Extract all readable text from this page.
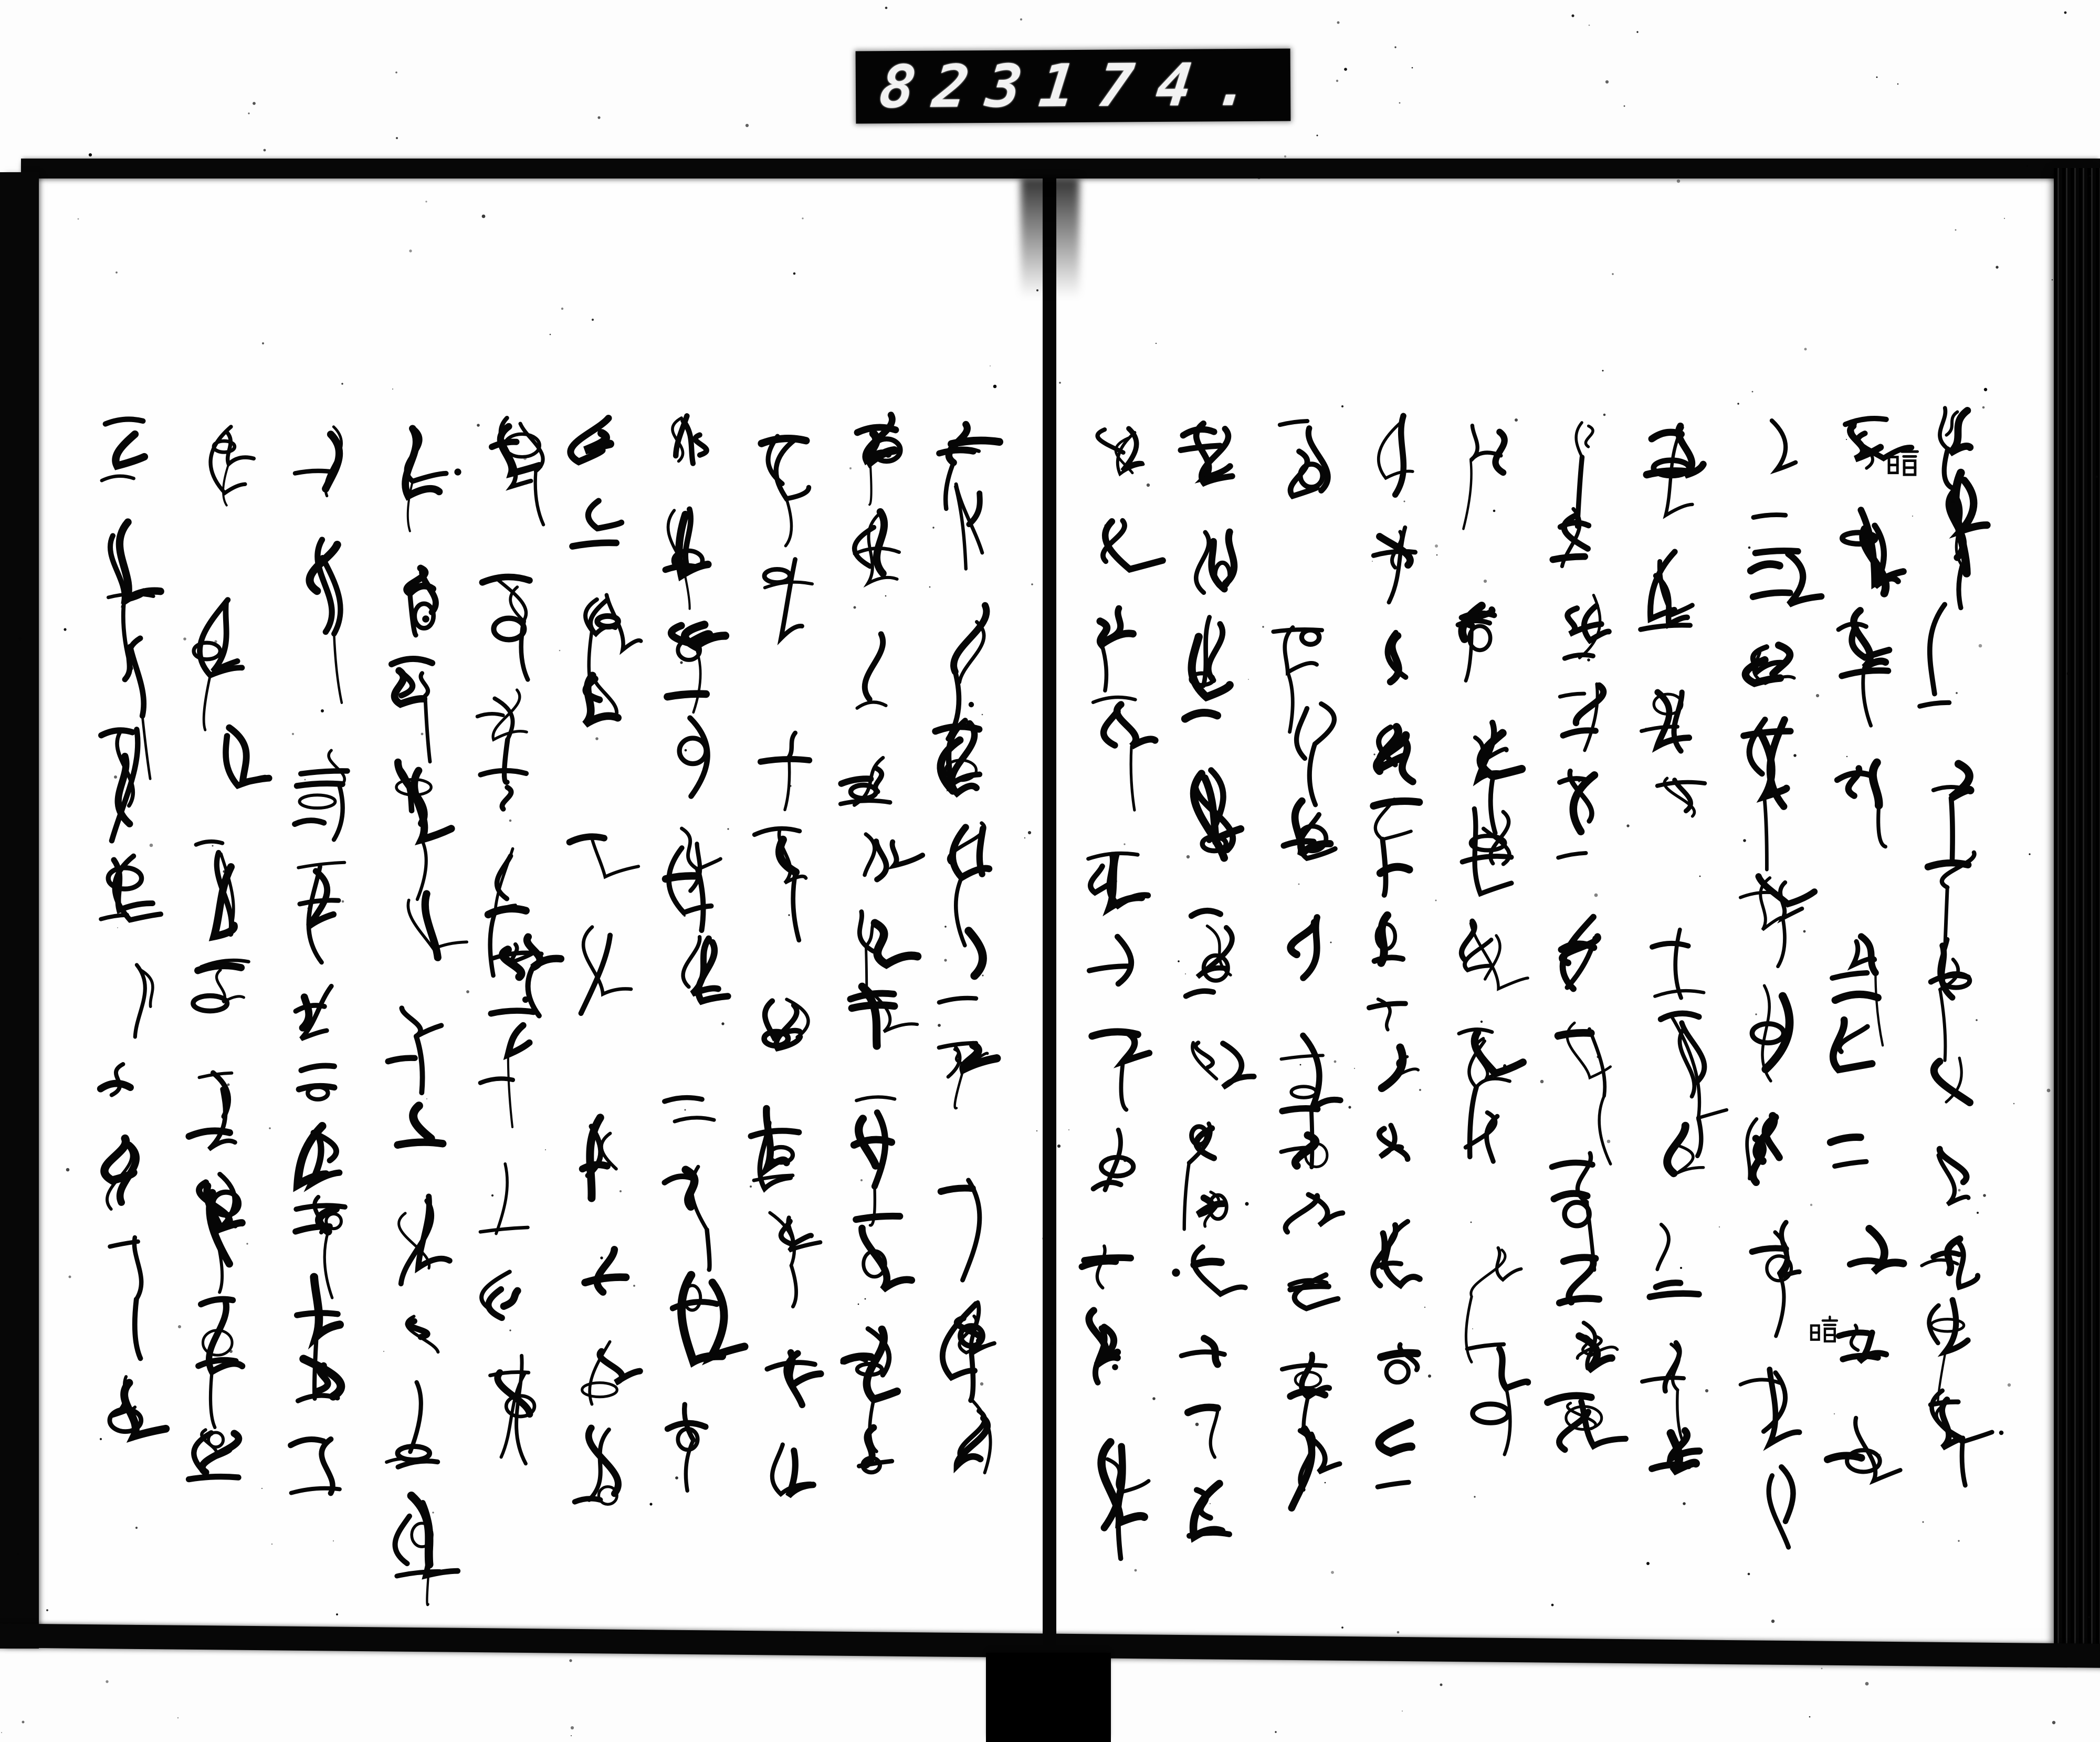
823
174.
